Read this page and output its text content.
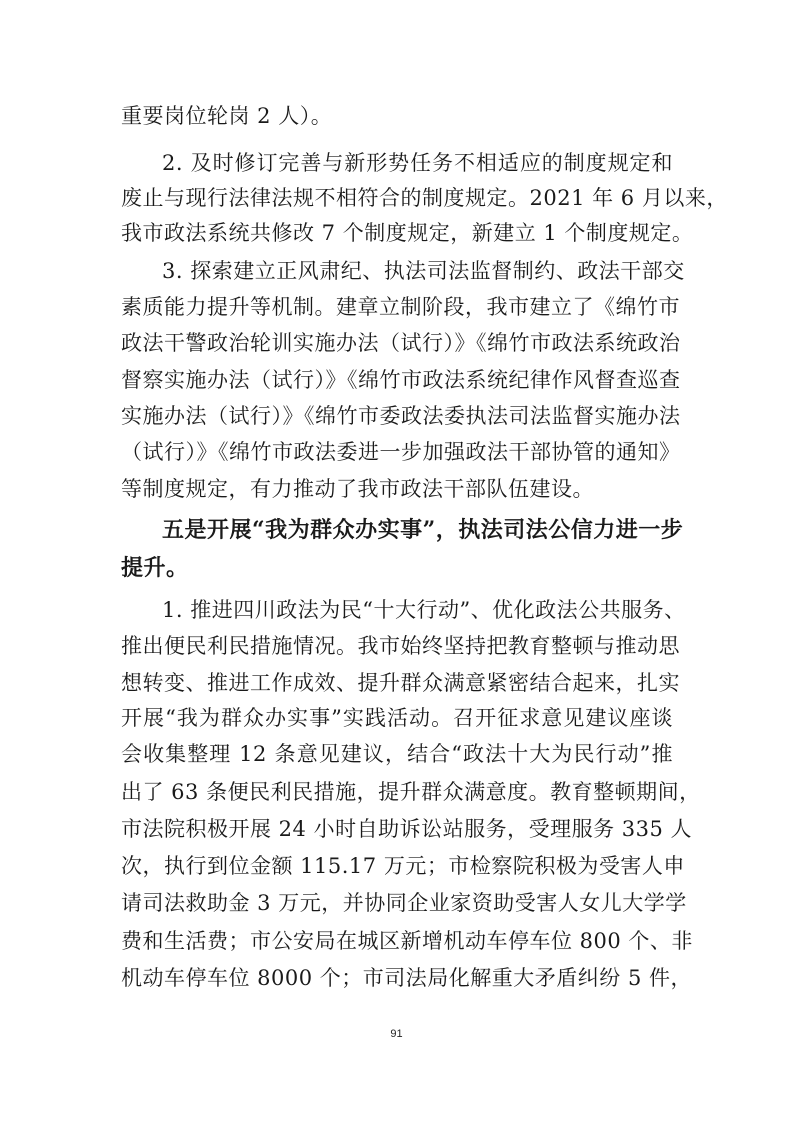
重要岗位轮岗 2 人）。
2. 及时修订完善与新形势任务不相适应的制度规定和
废止与现行法律法规不相符合的制度规定。2021 年 6 月以来，
我市政法系统共修改 7 个制度规定，新建立 1 个制度规定。
3. 探索建立正风肃纪、执法司法监督制约、政法干部交
素质能力提升等机制。建章立制阶段，我市建立了《绵竹市
政法干警政治轮训实施办法（试行）》《绵竹市政法系统政治
督察实施办法（试行）》《绵竹市政法系统纪律作风督查巡查
实施办法（试行）》《绵竹市委政法委执法司法监督实施办法
（试行）》《绵竹市政法委进一步加强政法干部协管的通知》
等制度规定，有力推动了我市政法干部队伍建设。
五是开展“我为群众办实事”，执法司法公信力进一步
提升。
1. 推进四川政法为民“十大行动”、优化政法公共服务、
推出便民利民措施情况。我市始终坚持把教育整顿与推动思
想转变、推进工作成效、提升群众满意紧密结合起来，扎实
开展“我为群众办实事”实践活动。召开征求意见建议座谈
会收集整理 12 条意见建议，结合“政法十大为民行动”推
出了 63 条便民利民措施，提升群众满意度。教育整顿期间，
市法院积极开展 24 小时自助诉讼站服务，受理服务 335 人
次，执行到位金额 115.17 万元；市检察院积极为受害人申
请司法救助金 3 万元，并协同企业家资助受害人女儿大学学
费和生活费；市公安局在城区新增机动车停车位 800 个、非
机动车停车位 8000 个；市司法局化解重大矛盾纠纷 5 件，
91
